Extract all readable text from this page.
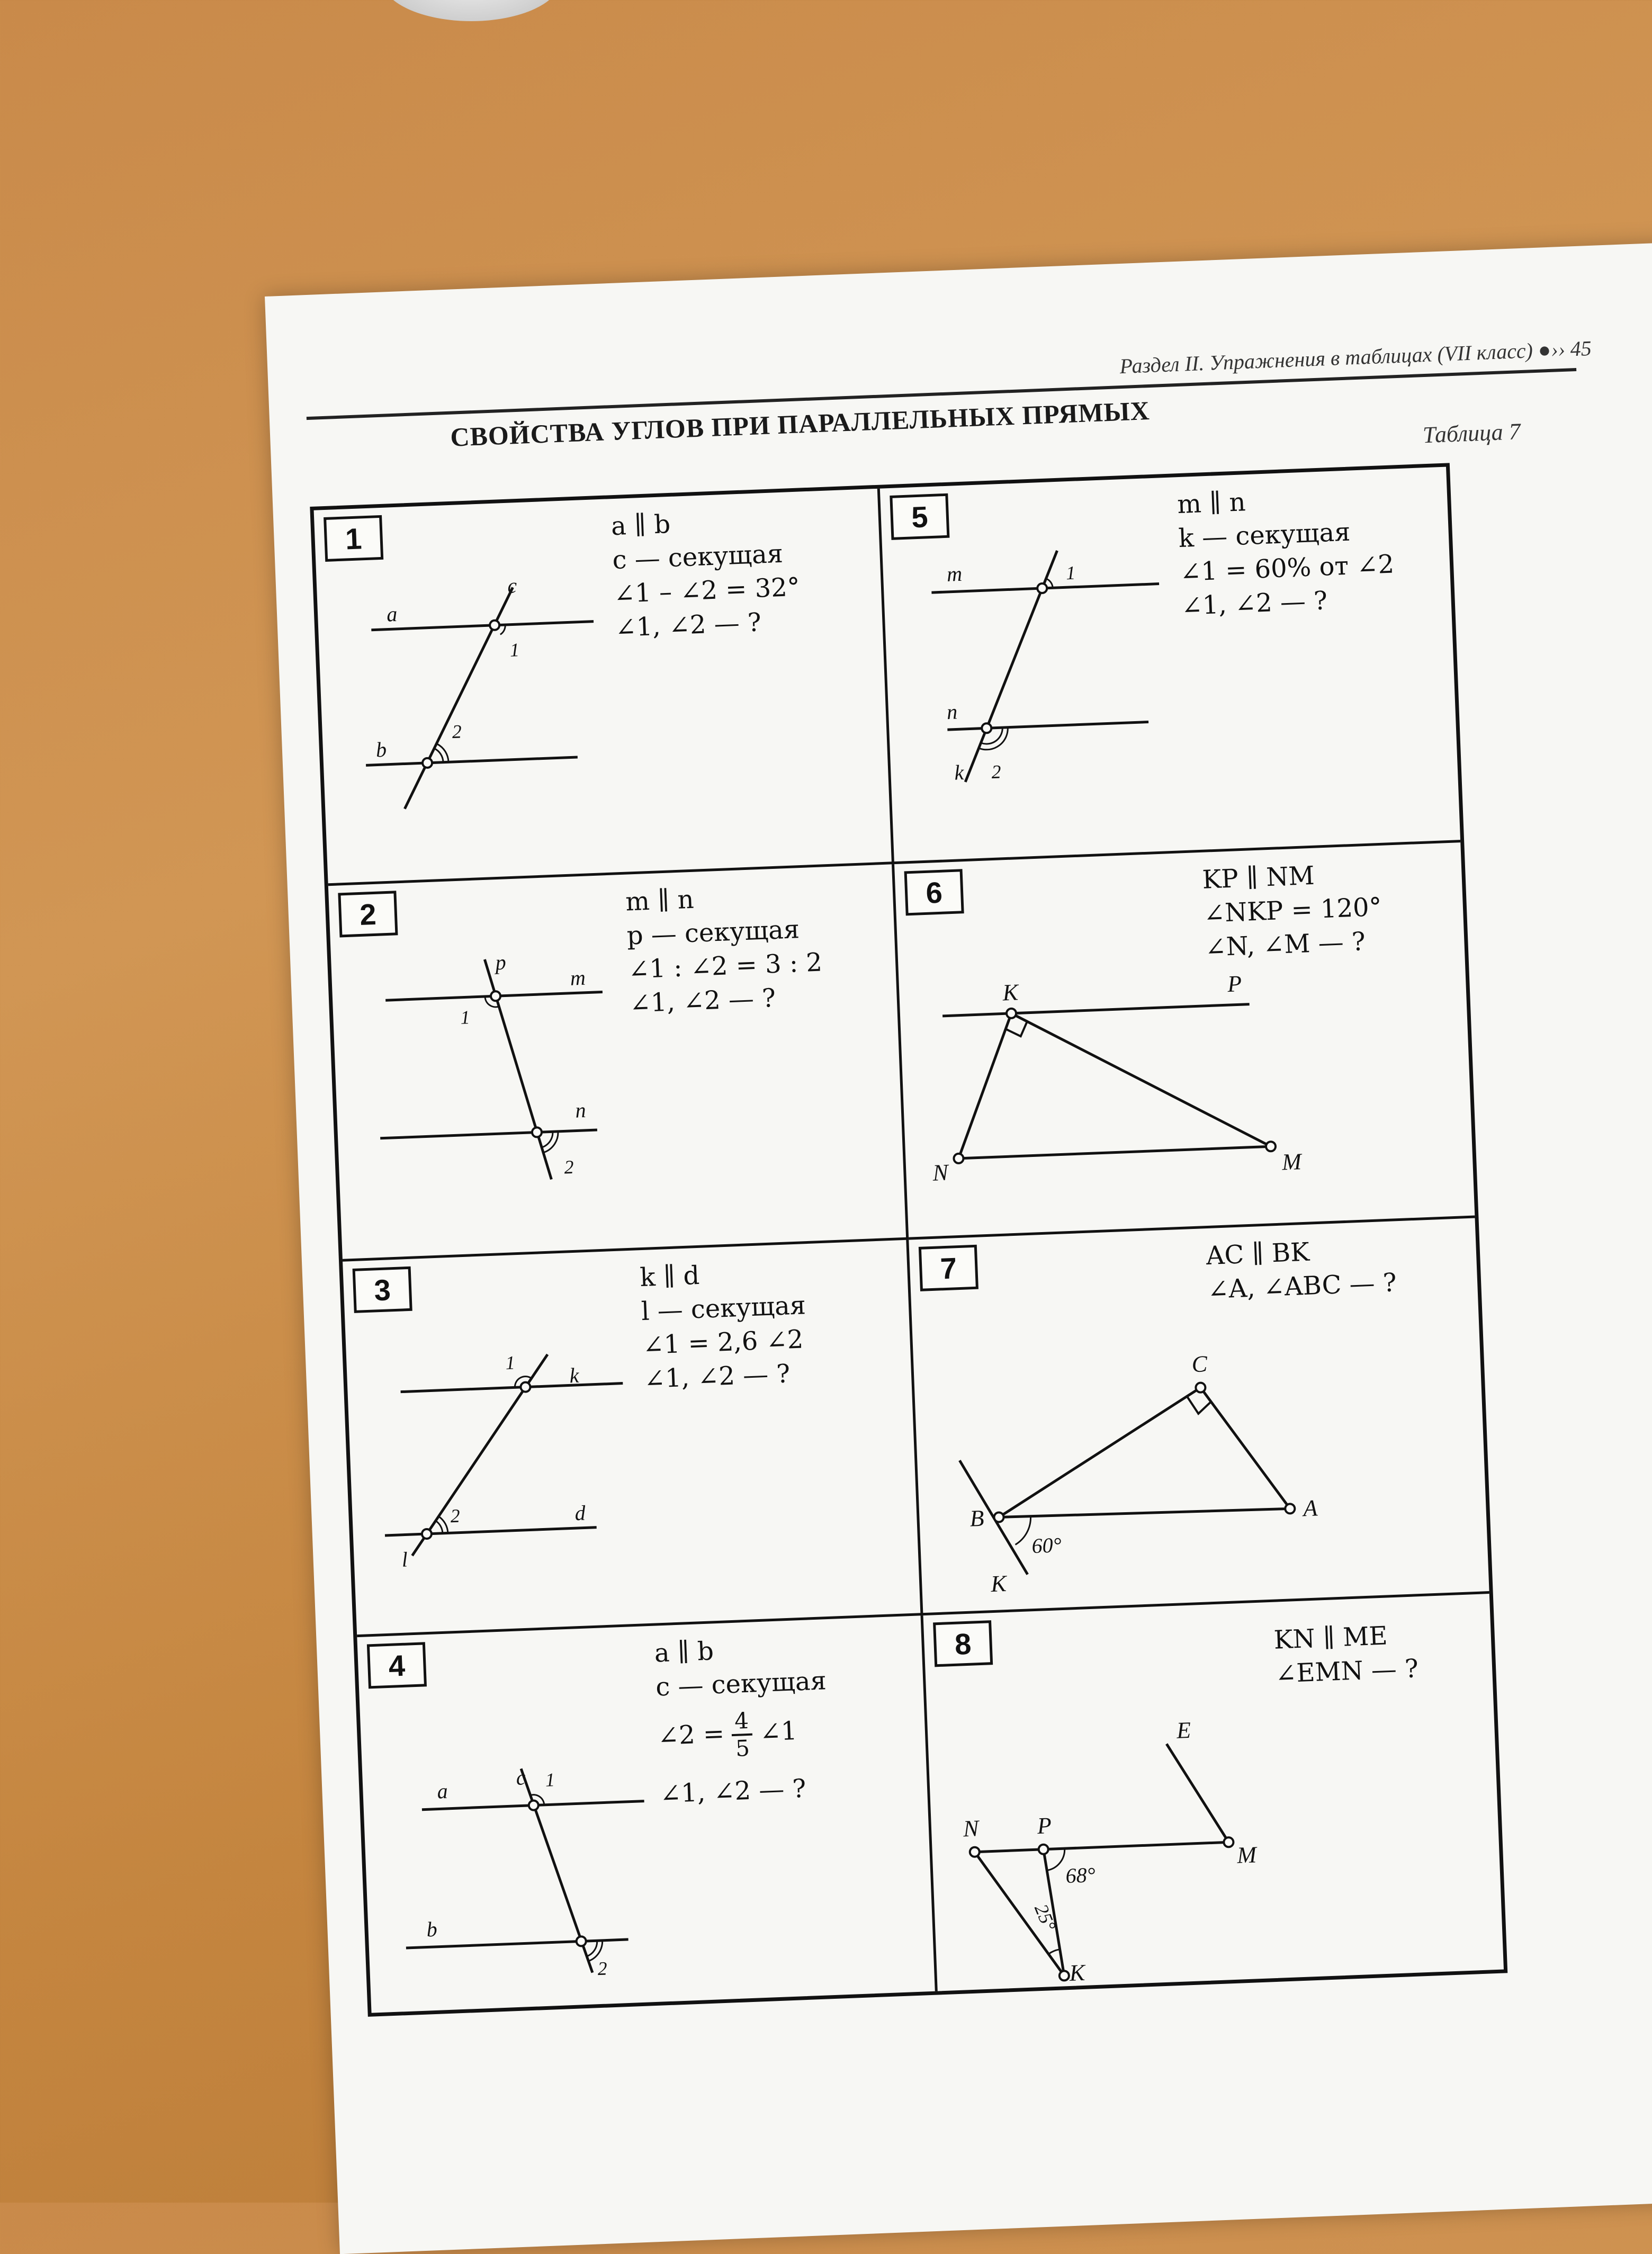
Раздел II. Упражнения в таблицах (VII класс) ●›› 45
СВОЙСТВА УГЛОВ ПРИ ПАРАЛЛЕЛЬНЫХ ПРЯМЫХ	Таблица 7
1
a
b
c
1
2
a ∥ b
c — секущая
∠1 – ∠2 = 32°
∠1, ∠2 — ?
5
m
n
k
1
2
m ∥ n
k — секущая
∠1 = 60% от ∠2
∠1, ∠2 — ?
2
p
m
n
1
2
m ∥ n
p — секущая
∠1 : ∠2 = 3 : 2
∠1, ∠2 — ?
6
K	P
N	M
KP ∥ NM
∠NKP = 120°
∠N, ∠M — ?
3
k
d
l
1
2
k ∥ d
l — секущая
∠1 = 2,6 ∠2
∠1, ∠2 — ?
7
C
B	A
K
60°
AC ∥ BK
∠A, ∠ABC — ?
4
a
b
c 1
2
a ∥ b
c — секущая
∠2 = $\frac{4}{5}$ ∠1
∠1, ∠2 — ?
8
N P
M
E
K
68°
25°
KN ∥ ME
∠EMN — ?
